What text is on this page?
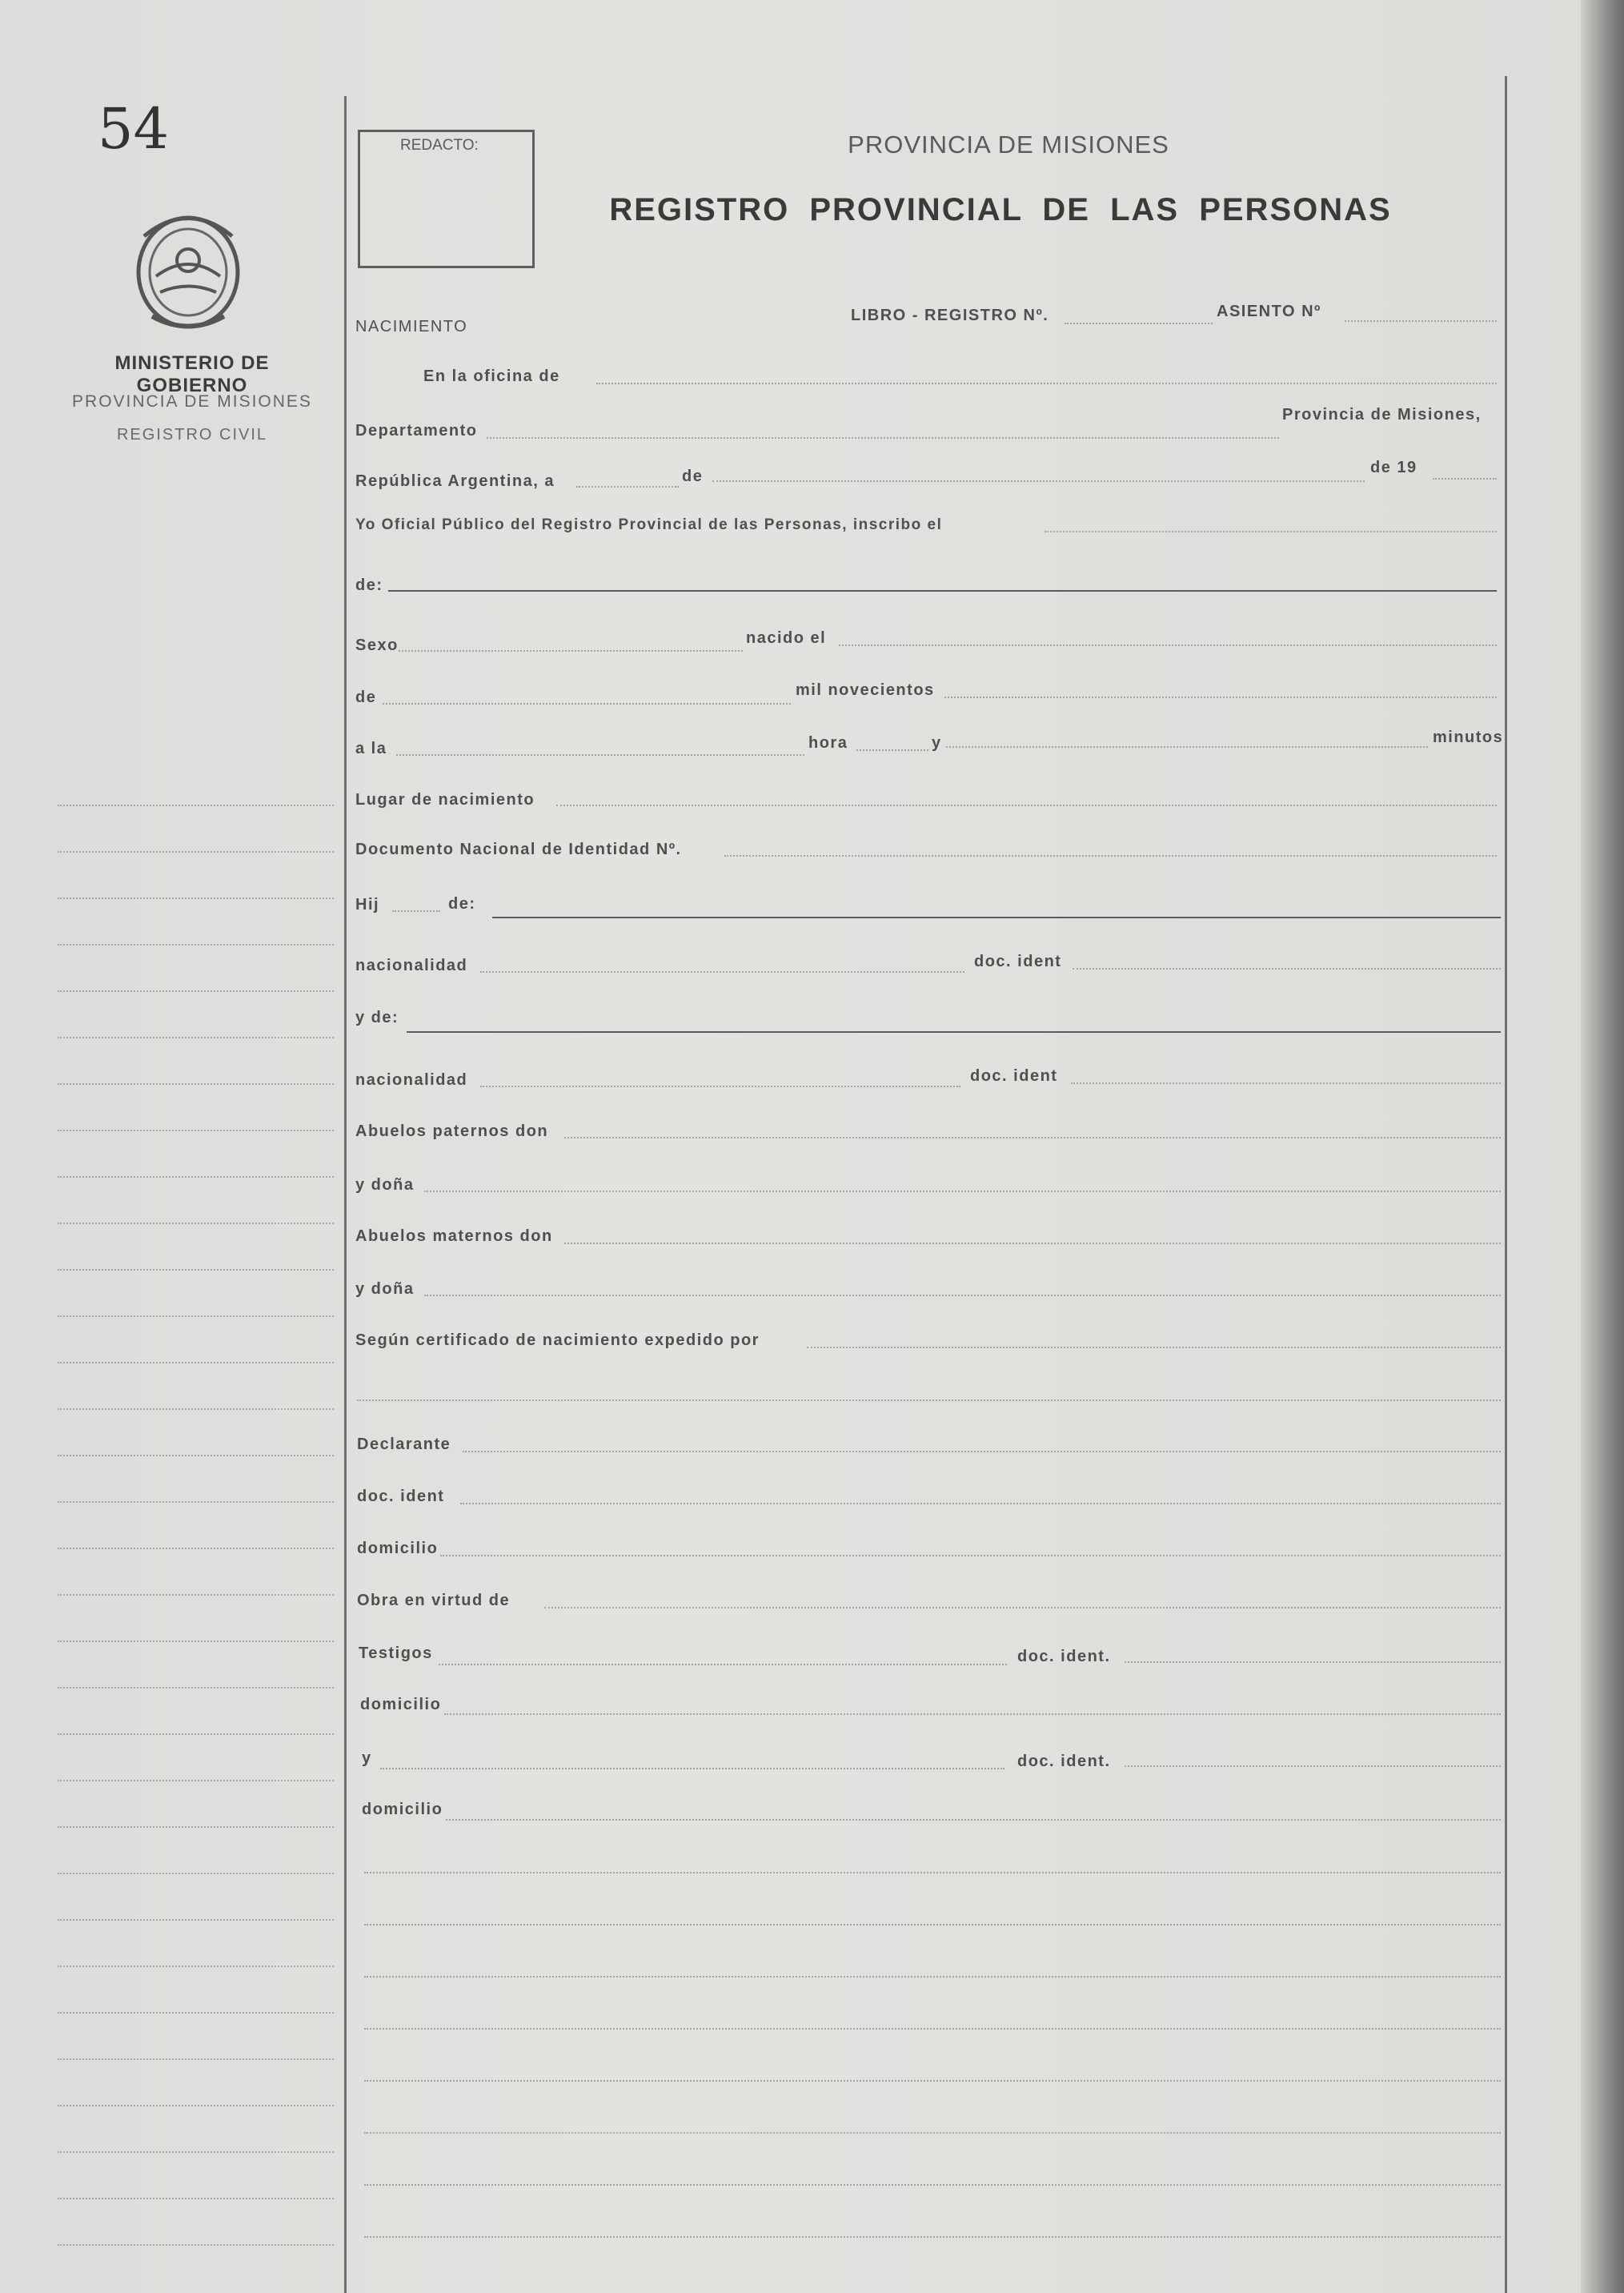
54
MINISTERIO DE GOBIERNO
PROVINCIA DE MISIONES
REGISTRO CIVIL
REDACTO:	PROVINCIA DE MISIONES
REGISTRO PROVINCIAL DE LAS PERSONAS
NACIMIENTO
LIBRO - REGISTRO Nº.	ASIENTO Nº
En la oficina de
Departamento
Provincia de Misiones,
República Argentina, a	de	de 19
Yo Oficial Público del Registro Provincial de las Personas, inscribo el
de:
Sexo	nacido el
de	mil novecientos
a la	hora	y	minutos
Lugar de nacimiento
Documento Nacional de Identidad Nº.
Hij	de:
nacionalidad	doc. ident
y de:
nacionalidad	doc. ident
Abuelos paternos don
y doña
Abuelos maternos don
y doña
Según certificado de nacimiento expedido por
Declarante
doc. ident
domicilio
Obra en virtud de
Testigos	doc. ident.
domicilio
y	doc. ident.
domicilio
